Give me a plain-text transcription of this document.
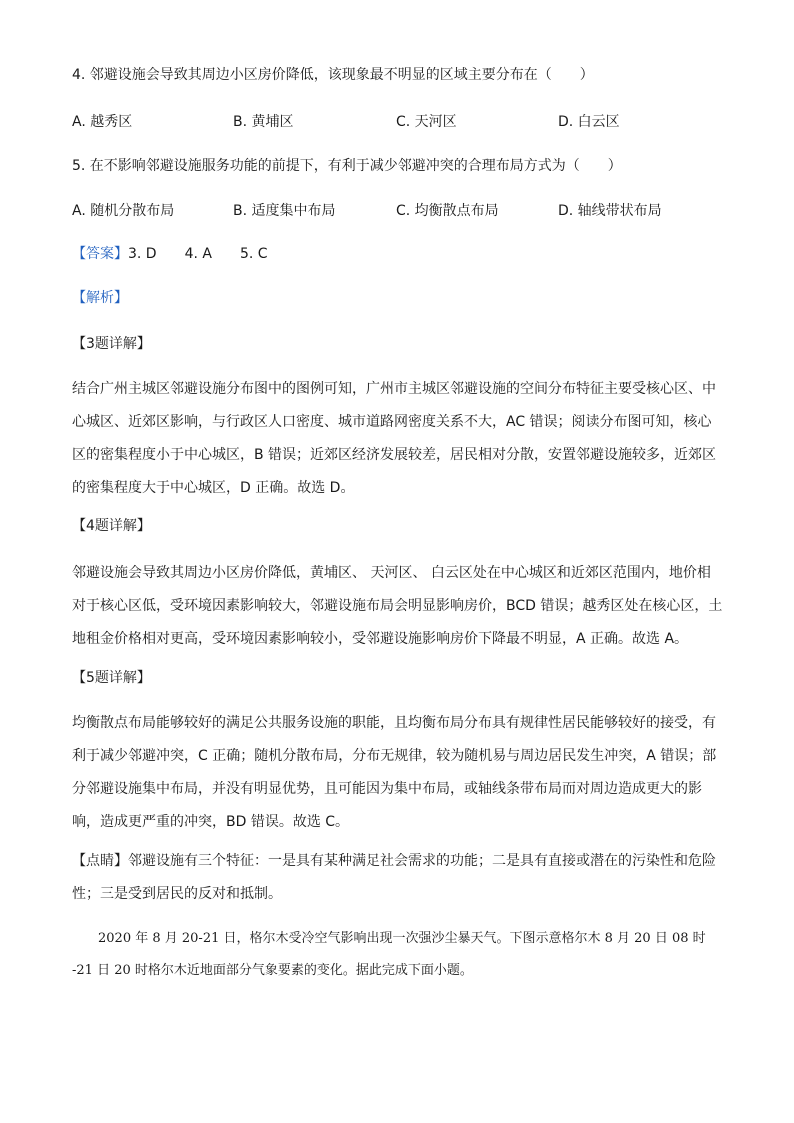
4. 邻避设施会导致其周边小区房价降低，该现象最不明显的区域主要分布在（　　）
A. 越秀区	B. 黄埔区	C. 天河区	D. 白云区
5. 在不影响邻避设施服务功能的前提下，有利于减少邻避冲突的合理布局方式为（　　）
A. 随机分散布局	B. 适度集中布局	C. 均衡散点布局	D. 轴线带状布局
【答案】3. D　　4. A　　5. C
【解析】
【3题详解】
结合广州主城区邻避设施分布图中的图例可知，广州市主城区邻避设施的空间分布特征主要受核心区、中
心城区、近郊区影响，与行政区人口密度、城市道路网密度关系不大，AC 错误；阅读分布图可知，核心
区的密集程度小于中心城区，B 错误；近郊区经济发展较差，居民相对分散，安置邻避设施较多，近郊区
的密集程度大于中心城区，D 正确。故选 D。
【4题详解】
邻避设施会导致其周边小区房价降低，黄埔区、 天河区、 白云区处在中心城区和近郊区范围内，地价相
对于核心区低，受环境因素影响较大，邻避设施布局会明显影响房价，BCD 错误；越秀区处在核心区，土
地租金价格相对更高，受环境因素影响较小，受邻避设施影响房价下降最不明显，A 正确。故选 A。
【5题详解】
均衡散点布局能够较好的满足公共服务设施的职能，且均衡布局分布具有规律性居民能够较好的接受，有
利于减少邻避冲突，C 正确；随机分散布局，分布无规律，较为随机易与周边居民发生冲突，A 错误；部
分邻避设施集中布局，并没有明显优势，且可能因为集中布局，或轴线条带布局而对周边造成更大的影
响，造成更严重的冲突，BD 错误。故选 C。
【点睛】邻避设施有三个特征：一是具有某种满足社会需求的功能；二是具有直接或潜在的污染性和危险
性；三是受到居民的反对和抵制。
　　2020 年 8 月 20-21 日，格尔木受冷空气影响出现一次强沙尘暴天气。下图示意格尔木 8 月 20 日 08 时
-21 日 20 时格尔木近地面部分气象要素的变化。据此完成下面小题。
